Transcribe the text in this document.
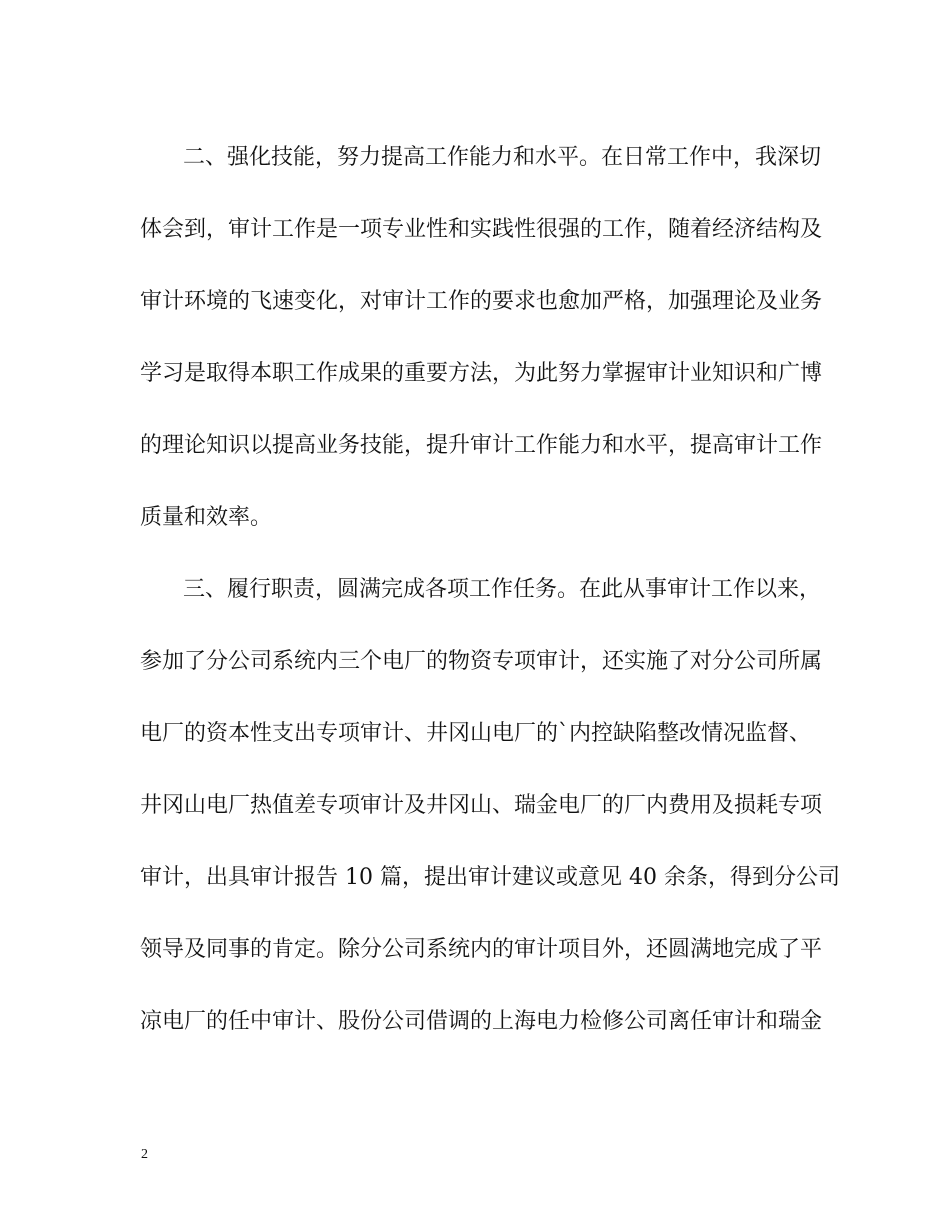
二、强化技能，努力提高工作能力和水平。在日常工作中，我深切
体会到，审计工作是一项专业性和实践性很强的工作，随着经济结构及
审计环境的飞速变化，对审计工作的要求也愈加严格，加强理论及业务
学习是取得本职工作成果的重要方法，为此努力掌握审计业知识和广博
的理论知识以提高业务技能，提升审计工作能力和水平，提高审计工作
质量和效率。
三、履行职责，圆满完成各项工作任务。在此从事审计工作以来，
参加了分公司系统内三个电厂的物资专项审计，还实施了对分公司所属
电厂的资本性支出专项审计、井冈山电厂的`内控缺陷整改情况监督、
井冈山电厂热值差专项审计及井冈山、瑞金电厂的厂内费用及损耗专项
审计，出具审计报告 10 篇，提出审计建议或意见 40 余条，得到分公司
领导及同事的肯定。除分公司系统内的审计项目外，还圆满地完成了平
凉电厂的任中审计、股份公司借调的上海电力检修公司离任审计和瑞金
2
